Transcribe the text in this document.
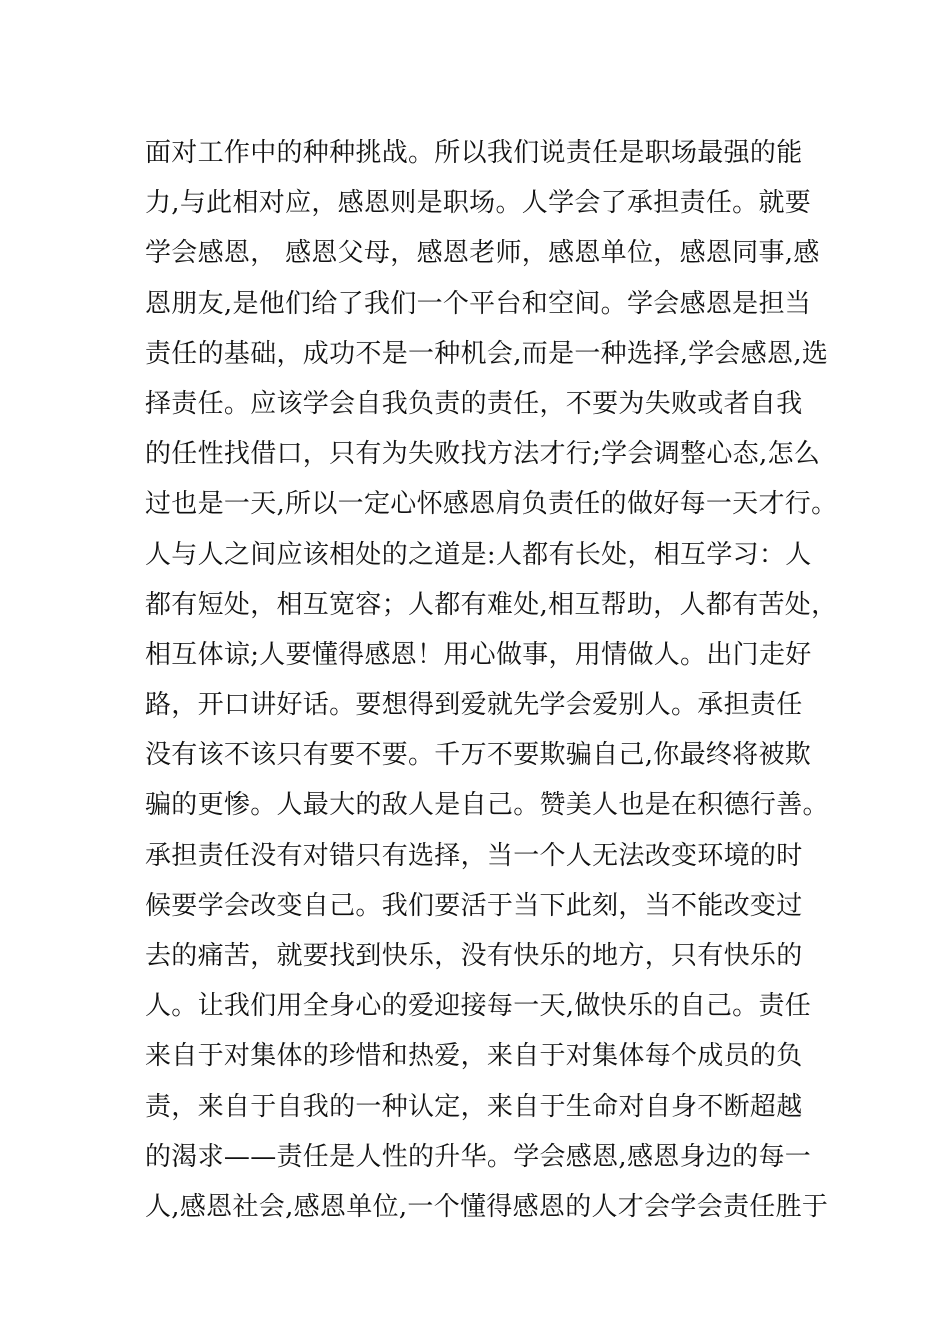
面对工作中的种种挑战。所以我们说责任是职场最强的能
力,与此相对应，感恩则是职场。人学会了承担责任。就要
学会感恩， 感恩父母，感恩老师，感恩单位，感恩同事,感
恩朋友,是他们给了我们一个平台和空间。学会感恩是担当
责任的基础，成功不是一种机会,而是一种选择,学会感恩,选
择责任。应该学会自我负责的责任，不要为失败或者自我
的任性找借口，只有为失败找方法才行;学会调整心态,怎么
过也是一天,所以一定心怀感恩肩负责任的做好每一天才行。
人与人之间应该相处的之道是:人都有长处，相互学习：人
都有短处，相互宽容；人都有难处,相互帮助，人都有苦处，
相互体谅;人要懂得感恩！用心做事，用情做人。出门走好
路，开口讲好话。要想得到爱就先学会爱别人。承担责任
没有该不该只有要不要。千万不要欺骗自己,你最终将被欺
骗的更惨。人最大的敌人是自己。赞美人也是在积德行善。
承担责任没有对错只有选择，当一个人无法改变环境的时
候要学会改变自己。我们要活于当下此刻，当不能改变过
去的痛苦，就要找到快乐，没有快乐的地方，只有快乐的
人。让我们用全身心的爱迎接每一天,做快乐的自己。责任
来自于对集体的珍惜和热爱，来自于对集体每个成员的负
责，来自于自我的一种认定，来自于生命对自身不断超越
的渴求——责任是人性的升华。学会感恩,感恩身边的每一
人,感恩社会,感恩单位,一个懂得感恩的人才会学会责任胜于
